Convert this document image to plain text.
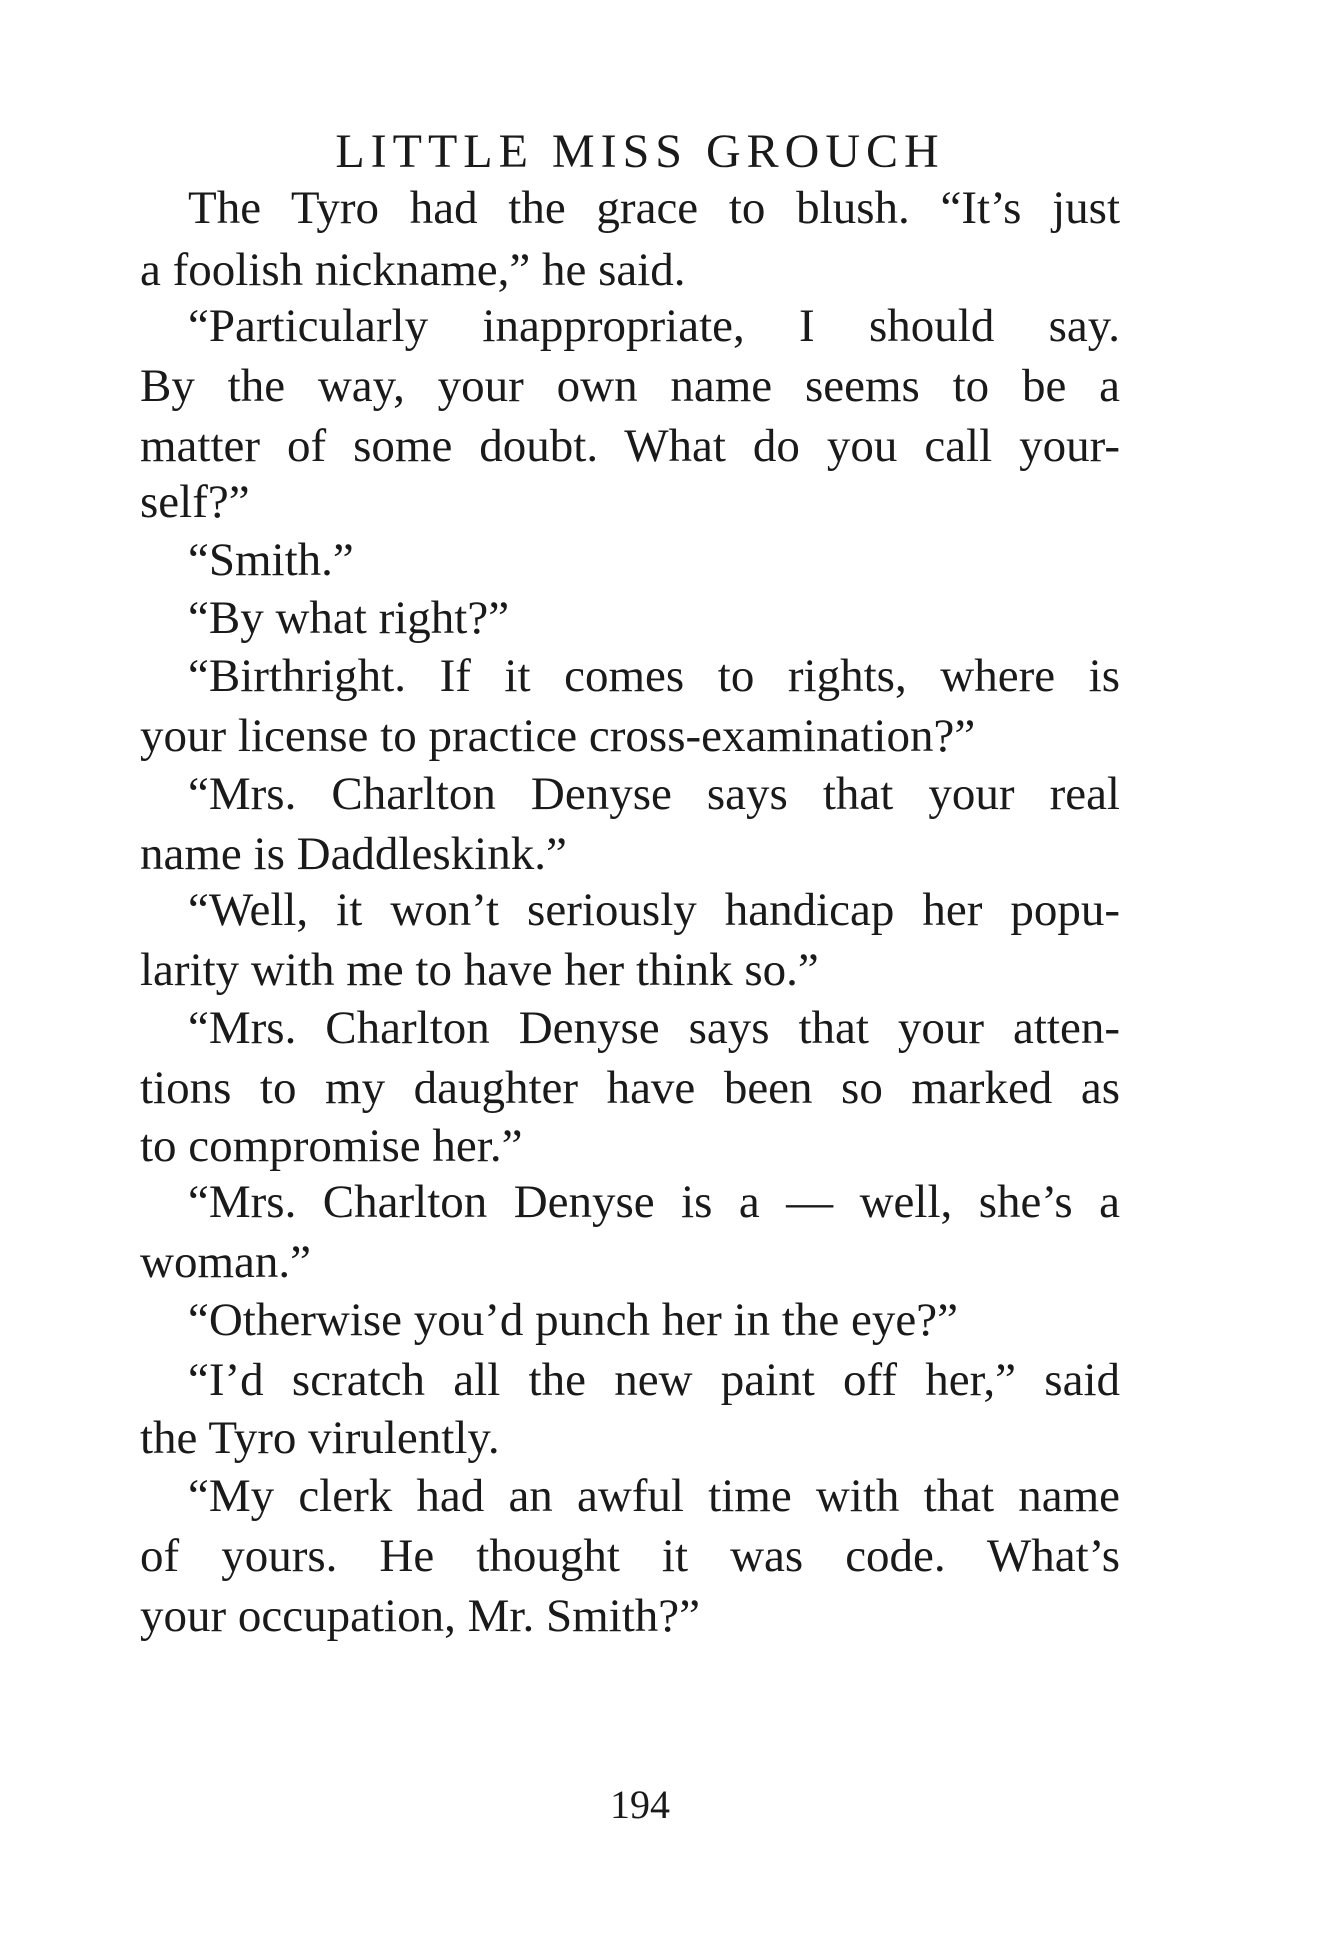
LITTLE MISS GROUCH
The Tyro had the grace to blush. “It’s just
a foolish nickname,” he said.
“Particularly inappropriate, I should say.
By the way, your own name seems to be a
matter of some doubt. What do you call your-
self?”
“Smith.”
“By what right?”
“Birthright. If it comes to rights, where is
your license to practice cross-examination?”
“Mrs. Charlton Denyse says that your real
name is Daddleskink.”
“Well, it won’t seriously handicap her popu-
larity with me to have her think so.”
“Mrs. Charlton Denyse says that your atten-
tions to my daughter have been so marked as
to compromise her.”
“Mrs. Charlton Denyse is a — well, she’s a
woman.”
“Otherwise you’d punch her in the eye?”
“I’d scratch all the new paint off her,” said
the Tyro virulently.
“My clerk had an awful time with that name
of yours. He thought it was code. What’s
your occupation, Mr. Smith?”
194
